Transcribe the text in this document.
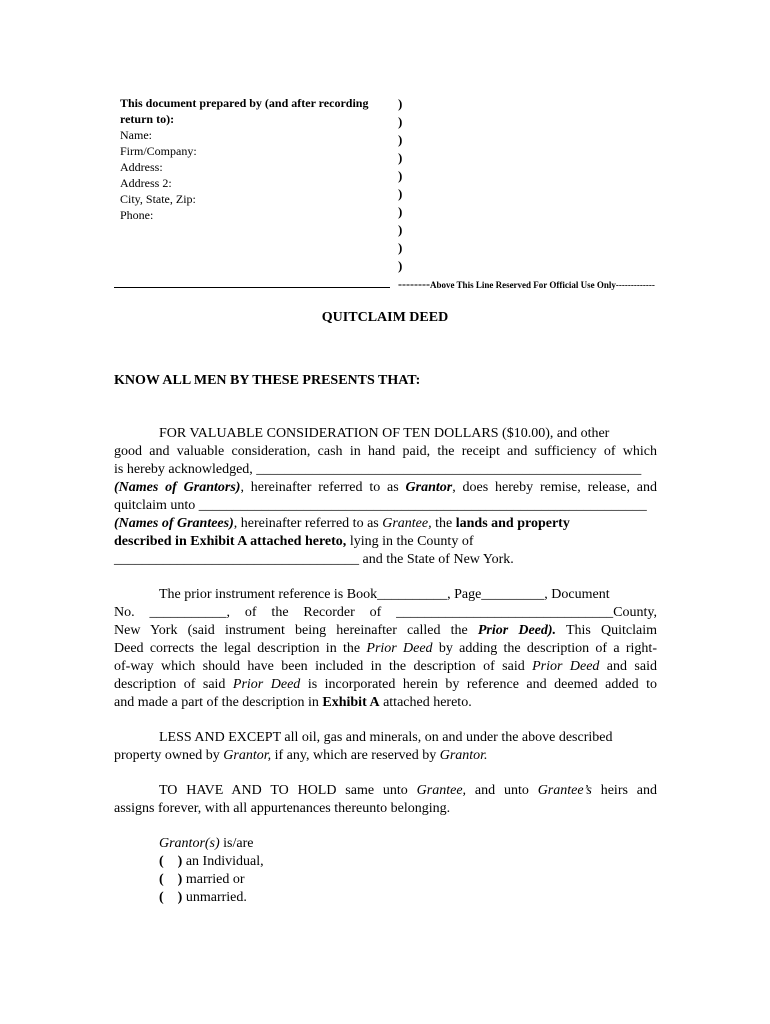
This document prepared by (and after recording
return to):
Name:
Firm/Company:
Address:
Address 2:
City, State, Zip:
Phone:
)
)
)
)
)
)
)
)
)
)
--------Above This Line Reserved For Official Use Only-------------
QUITCLAIM DEED
KNOW ALL MEN BY THESE PRESENTS THAT:
FOR VALUABLE CONSIDERATION OF TEN DOLLARS ($10.00), and other
good and valuable consideration, cash in hand paid, the receipt and sufficiency of which
is hereby acknowledged, _______________________________________________________
(Names of Grantors), hereinafter referred to as Grantor, does hereby remise, release, and
quitclaim unto ________________________________________________________________
(Names of Grantees), hereinafter referred to as Grantee, the lands and property
described in Exhibit A attached hereto, lying in the County of
___________________________________ and the State of New York.
The prior instrument reference is Book__________, Page_________, Document
No. ___________, of the Recorder of _______________________________County,
New York (said instrument being hereinafter called the Prior Deed). This Quitclaim
Deed corrects the legal description in the Prior Deed by adding the description of a right-
of-way which should have been included in the description of said Prior Deed and said
description of said Prior Deed is incorporated herein by reference and deemed added to
and made a part of the description in Exhibit A attached hereto.
LESS AND EXCEPT all oil, gas and minerals, on and under the above described
property owned by Grantor, if any, which are reserved by Grantor.
TO HAVE AND TO HOLD same unto Grantee, and unto Grantee’s heirs and
assigns forever, with all appurtenances thereunto belonging.
Grantor(s) is/are
( ) an Individual,
( ) married or
( ) unmarried.
